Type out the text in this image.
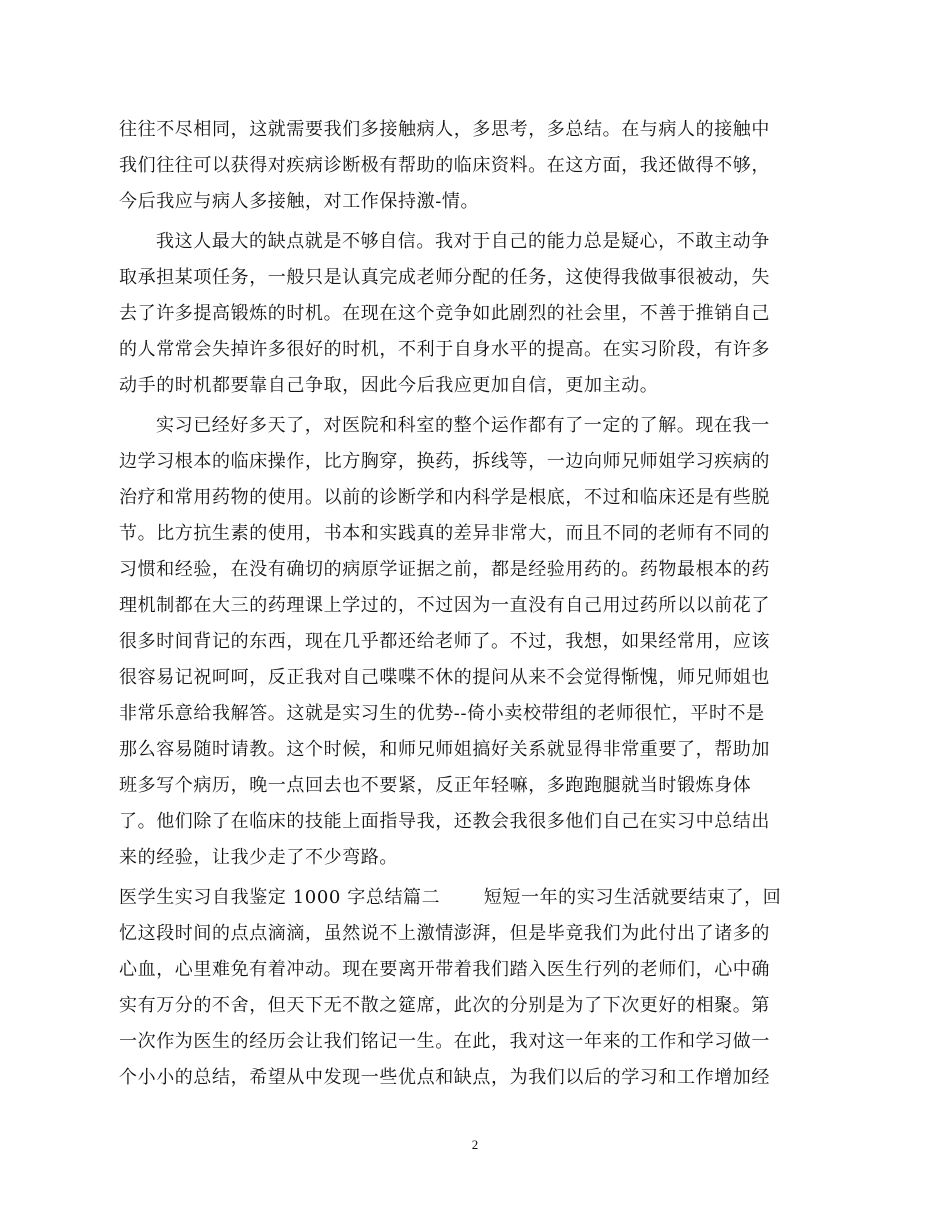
往往不尽相同，这就需要我们多接触病人，多思考，多总结。在与病人的接触中
我们往往可以获得对疾病诊断极有帮助的临床资料。在这方面，我还做得不够，
今后我应与病人多接触，对工作保持激-情。
我这人最大的缺点就是不够自信。我对于自己的能力总是疑心，不敢主动争
取承担某项任务，一般只是认真完成老师分配的任务，这使得我做事很被动，失
去了许多提高锻炼的时机。在现在这个竞争如此剧烈的社会里，不善于推销自己
的人常常会失掉许多很好的时机，不利于自身水平的提高。在实习阶段，有许多
动手的时机都要靠自己争取，因此今后我应更加自信，更加主动。
实习已经好多天了，对医院和科室的整个运作都有了一定的了解。现在我一
边学习根本的临床操作，比方胸穿，换药，拆线等，一边向师兄师姐学习疾病的
治疗和常用药物的使用。以前的诊断学和内科学是根底，不过和临床还是有些脱
节。比方抗生素的使用，书本和实践真的差异非常大，而且不同的老师有不同的
习惯和经验，在没有确切的病原学证据之前，都是经验用药的。药物最根本的药
理机制都在大三的药理课上学过的，不过因为一直没有自己用过药所以以前花了
很多时间背记的东西，现在几乎都还给老师了。不过，我想，如果经常用，应该
很容易记祝呵呵，反正我对自己喋喋不休的提问从来不会觉得惭愧，师兄师姐也
非常乐意给我解答。这就是实习生的优势--倚小卖校带组的老师很忙，平时不是
那么容易随时请教。这个时候，和师兄师姐搞好关系就显得非常重要了，帮助加
班多写个病历，晚一点回去也不要紧，反正年轻嘛，多跑跑腿就当时锻炼身体
了。他们除了在临床的技能上面指导我，还教会我很多他们自己在实习中总结出
来的经验，让我少走了不少弯路。
医学生实习自我鉴定 1000 字总结篇二 　　短短一年的实习生活就要结束了，回
忆这段时间的点点滴滴，虽然说不上激情澎湃，但是毕竟我们为此付出了诸多的
心血，心里难免有着冲动。现在要离开带着我们踏入医生行列的老师们，心中确
实有万分的不舍，但天下无不散之筵席，此次的分别是为了下次更好的相聚。第
一次作为医生的经历会让我们铭记一生。在此，我对这一年来的工作和学习做一
个小小的总结，希望从中发现一些优点和缺点，为我们以后的学习和工作增加经
2
